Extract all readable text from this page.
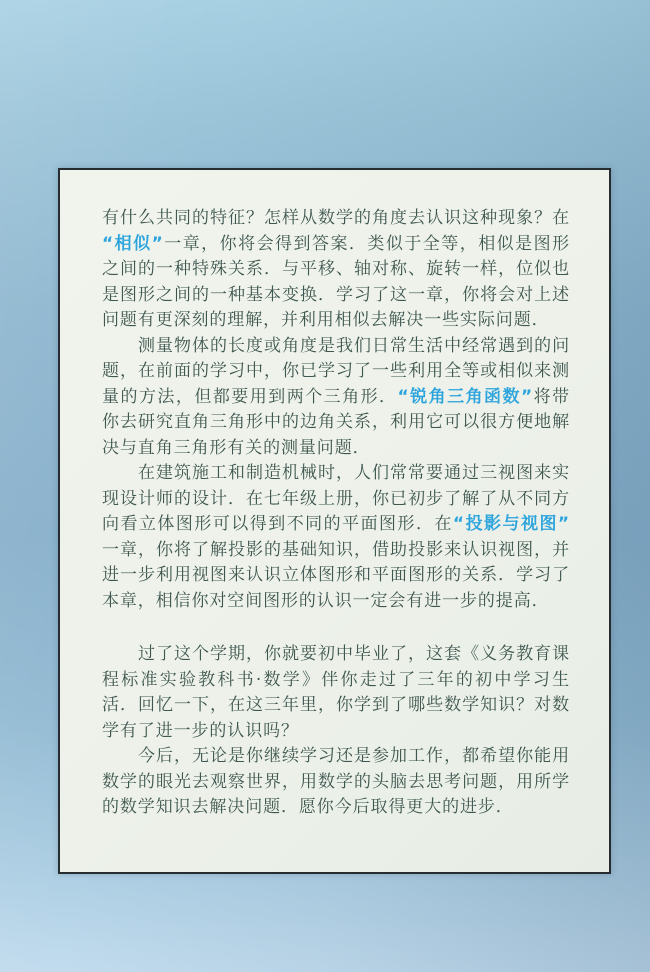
有什么共同的特征？怎样从数学的角度去认识这种现象？在“相似”一章，你将会得到答案．类似于全等，相似是图形之间的一种特殊关系．与平移、轴对称、旋转一样，位似也是图形之间的一种基本变换．学习了这一章，你将会对上述问题有更深刻的理解，并利用相似去解决一些实际问题．

测量物体的长度或角度是我们日常生活中经常遇到的问题，在前面的学习中，你已学习了一些利用全等或相似来测量的方法，但都要用到两个三角形．“锐角三角函数”将带你去研究直角三角形中的边角关系，利用它可以很方便地解决与直角三角形有关的测量问题．

在建筑施工和制造机械时，人们常常要通过三视图来实现设计师的设计．在七年级上册，你已初步了解了从不同方向看立体图形可以得到不同的平面图形．在“投影与视图”一章，你将了解投影的基础知识，借助投影来认识视图，并进一步利用视图来认识立体图形和平面图形的关系．学习了本章，相信你对空间图形的认识一定会有进一步的提高．

过了这个学期，你就要初中毕业了，这套《义务教育课程标准实验教科书·数学》伴你走过了三年的初中学习生活．回忆一下，在这三年里，你学到了哪些数学知识？对数学有了进一步的认识吗？

今后，无论是你继续学习还是参加工作，都希望你能用数学的眼光去观察世界，用数学的头脑去思考问题，用所学的数学知识去解决问题．愿你今后取得更大的进步．
